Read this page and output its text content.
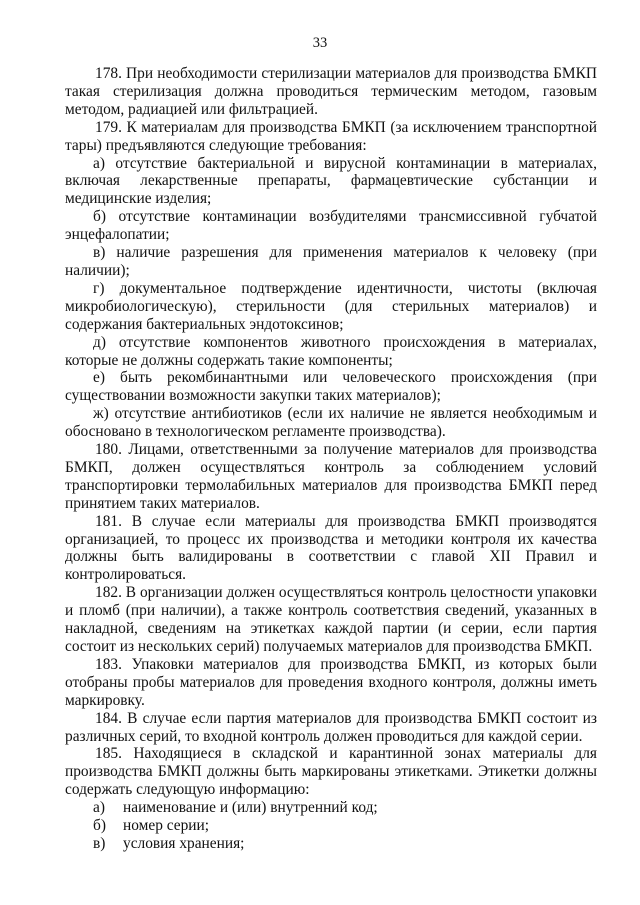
33

178. При необходимости стерилизации материалов для производства БМКП такая стерилизация должна проводиться термическим методом, газовым методом, радиацией или фильтрацией.

179. К материалам для производства БМКП (за исключением транспортной тары) предъявляются следующие требования:

а) отсутствие бактериальной и вирусной контаминации в материалах, включая лекарственные препараты, фармацевтические субстанции и медицинские изделия;

б) отсутствие контаминации возбудителями трансмиссивной губчатой энцефалопатии;

в) наличие разрешения для применения материалов к человеку (при наличии);

г) документальное подтверждение идентичности, чистоты (включая микробиологическую), стерильности (для стерильных материалов) и содержания бактериальных эндотоксинов;

д) отсутствие компонентов животного происхождения в материалах, которые не должны содержать такие компоненты;

е) быть рекомбинантными или человеческого происхождения (при существовании возможности закупки таких материалов);

ж) отсутствие антибиотиков (если их наличие не является необходимым и обосновано в технологическом регламенте производства).

180. Лицами, ответственными за получение материалов для производства БМКП, должен осуществляться контроль за соблюдением условий транспортировки термолабильных материалов для производства БМКП перед принятием таких материалов.

181. В случае если материалы для производства БМКП производятся организацией, то процесс их производства и методики контроля их качества должны быть валидированы в соответствии с главой XII Правил и контролироваться.

182. В организации должен осуществляться контроль целостности упаковки и пломб (при наличии), а также контроль соответствия сведений, указанных в накладной, сведениям на этикетках каждой партии (и серии, если партия состоит из нескольких серий) получаемых материалов для производства БМКП.

183. Упаковки материалов для производства БМКП, из которых были отобраны пробы материалов для проведения входного контроля, должны иметь маркировку.

184. В случае если партия материалов для производства БМКП состоит из различных серий, то входной контроль должен проводиться для каждой серии.

185. Находящиеся в складской и карантинной зонах материалы для производства БМКП должны быть маркированы этикетками. Этикетки должны содержать следующую информацию:

а)	наименование и (или) внутренний код;
б)	номер серии;
в)	условия хранения;
